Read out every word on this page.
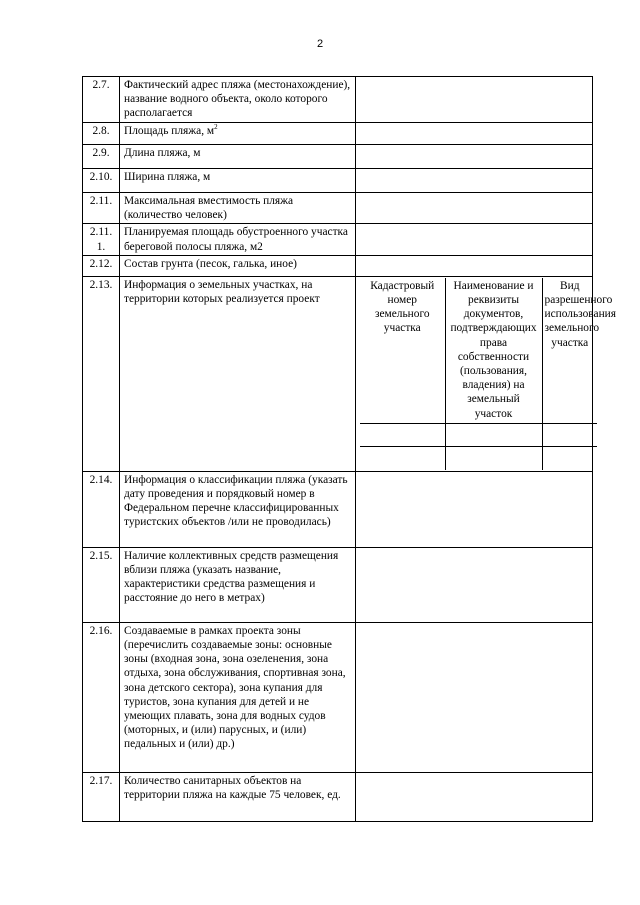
2
2.7.	Фактический адрес пляжа (местонахождение), название водного объекта, около которого располагается	
2.8.	Площадь пляжа, $м^2$	
2.9.	Длина пляжа, м	
2.10.	Ширина пляжа, м	
2.11.	Максимальная вместимость пляжа (количество человек)	
2.11. 1.	Планируемая площадь обустроенного участка береговой полосы пляжа, м2	
2.12.	Состав грунта (песок, галька, иное)	
2.13.	Информация о земельных участках, на территории которых реализуется проект	
Кадастровый номер земельного участка	Наименование и реквизиты документов, подтверждающих права собственности (пользования, владения) на земельный участок	Вид разрешенного использования земельного участка

2.14.	Информация о классификации пляжа (указать дату проведения и порядковый номер в Федеральном перечне классифицированных туристских объектов /или не проводилась)	
2.15.	Наличие коллективных средств размещения вблизи пляжа (указать название, характеристики средства размещения и расстояние до него в метрах)	
2.16.	Создаваемые в рамках проекта зоны (перечислить создаваемые зоны: основные зоны (входная зона, зона озеленения, зона отдыха, зона обслуживания, спортивная зона, зона детского сектора), зона купания для туристов, зона купания для детей и не умеющих плавать, зона для водных судов (моторных, и (или) парусных, и (или) педальных и (или) др.)	
2.17.	Количество санитарных объектов на территории пляжа на каждые 75 человек, ед.	
